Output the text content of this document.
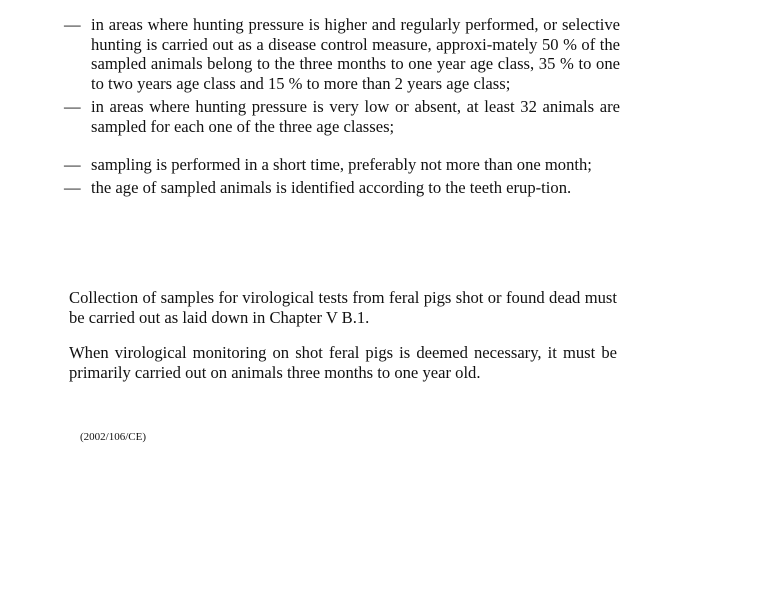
— in areas where hunting pressure is higher and regularly performed, or selective hunting is carried out as a disease control measure, approxi-mately 50 % of the sampled animals belong to the three months to one year age class, 35 % to one to two years age class and 15 % to more than 2 years age class;
— in areas where hunting pressure is very low or absent, at least 32 animals are sampled for each one of the three age classes;
— sampling is performed in a short time, preferably not more than one month;
— the age of sampled animals is identified according to the teeth erup-tion.

Collection of samples for virological tests from feral pigs shot or found dead must be carried out as laid down in Chapter V B.1.

When virological monitoring on shot feral pigs is deemed necessary, it must be primarily carried out on animals three months to one year old.

(2002/106/CE)
